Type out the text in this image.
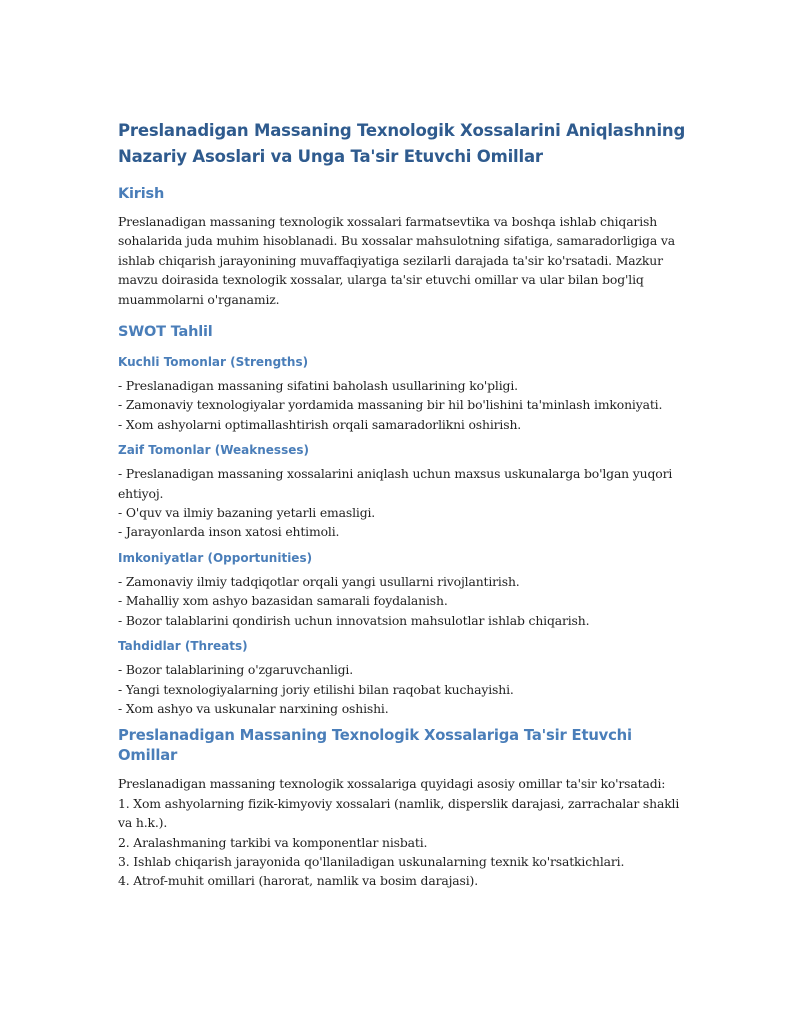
Preslanadigan Massaning Texnologik Xossalarini Aniqlashning Nazariy Asoslari va Unga Ta'sir Etuvchi Omillar
Kirish

Preslanadigan massaning texnologik xossalari farmatsevtika va boshqa ishlab chiqarish sohalarida juda muhim hisoblanadi. Bu xossalar mahsulotning sifatiga, samaradorligiga va ishlab chiqarish jarayonining muvaffaqiyatiga sezilarli darajada ta'sir ko'rsatadi. Mazkur mavzu doirasida texnologik xossalar, ularga ta'sir etuvchi omillar va ular bilan bog'liq muammolarni o'rganamiz.

SWOT Tahlil
Kuchli Tomonlar (Strengths)
- Preslanadigan massaning sifatini baholash usullarining ko'pligi.
- Zamonaviy texnologiyalar yordamida massaning bir hil bo'lishini ta'minlash imkoniyati.
- Xom ashyolarni optimallashtirish orqali samaradorlikni oshirish.
Zaif Tomonlar (Weaknesses)
- Preslanadigan massaning xossalarini aniqlash uchun maxsus uskunalarga bo'lgan yuqori ehtiyoj.
- O'quv va ilmiy bazaning yetarli emasligi.
- Jarayonlarda inson xatosi ehtimoli.
Imkoniyatlar (Opportunities)
- Zamonaviy ilmiy tadqiqotlar orqali yangi usullarni rivojlantirish.
- Mahalliy xom ashyo bazasidan samarali foydalanish.
- Bozor talablarini qondirish uchun innovatsion mahsulotlar ishlab chiqarish.
Tahdidlar (Threats)
- Bozor talablarining o'zgaruvchanligi.
- Yangi texnologiyalarning joriy etilishi bilan raqobat kuchayishi.
- Xom ashyo va uskunalar narxining oshishi.
Preslanadigan Massaning Texnologik Xossalariga Ta'sir Etuvchi Omillar
Preslanadigan massaning texnologik xossalariga quyidagi asosiy omillar ta'sir ko'rsatadi:
1. Xom ashyolarning fizik-kimyoviy xossalari (namlik, disperslik darajasi, zarrachalar shakli va h.k.).
2. Aralashmaning tarkibi va komponentlar nisbati.
3. Ishlab chiqarish jarayonida qo'llaniladigan uskunalarning texnik ko'rsatkichlari.
4. Atrof-muhit omillari (harorat, namlik va bosim darajasi).
